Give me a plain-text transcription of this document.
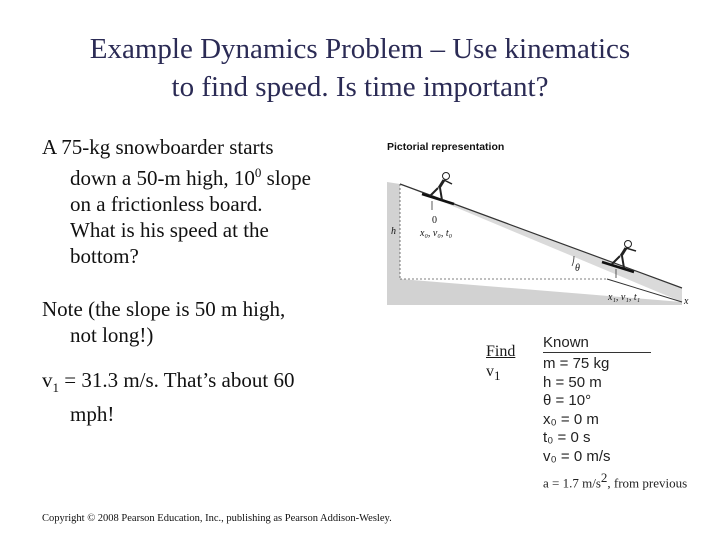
Example Dynamics Problem – Use kinematics
to find speed. Is time important?
A 75-kg snowboarder starts
down a 50-m high, $10^0$ slope
on a frictionless board.
What is his speed at the
bottom?
Note (the slope is 50 m high,
not long!)
$v_1 = 31.3$ m/s. That’s about 60
mph!
Pictorial representation
0
x₀, v₀, t₀
h
θ
x₁, v₁, t₁	x
Find
$v_1$
Known
m = 75 kg
h = 50 m
θ = 10°
x₀ = 0 m
t₀ = 0 s
v₀ = 0 m/s
a = 1.7 $m/s^2$, from previous
Copyright © 2008 Pearson Education, Inc., publishing as Pearson Addison-Wesley.
